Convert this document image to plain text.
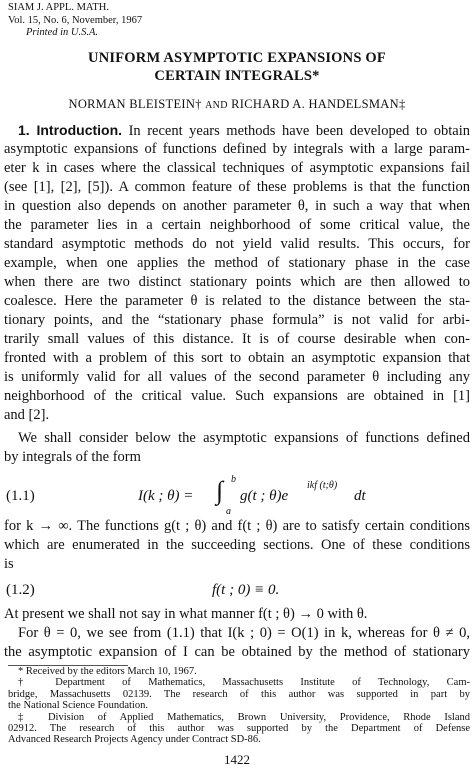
SIAM J. APPL. MATH.
Vol. 15, No. 6, November, 1967
Printed in U.S.A.
UNIFORM ASYMPTOTIC EXPANSIONS OF
CERTAIN INTEGRALS*
NORMAN BLEISTEIN† AND RICHARD A. HANDELSMAN‡
1. Introduction. In recent years methods have been developed to obtain
asymptotic expansions of functions defined by integrals with a large param-
eter k in cases where the classical techniques of asymptotic expansions fail
(see [1], [2], [5]). A common feature of these problems is that the function
in question also depends on another parameter θ, in such a way that when
the parameter lies in a certain neighborhood of some critical value, the
standard asymptotic methods do not yield valid results. This occurs, for
example, when one applies the method of stationary phase in the case
when there are two distinct stationary points which are then allowed to
coalesce. Here the parameter θ is related to the distance between the sta-
tionary points, and the “stationary phase formula” is not valid for arbi-
trarily small values of this distance. It is of course desirable when con-
fronted with a problem of this sort to obtain an asymptotic expansion that
is uniformly valid for all values of the second parameter θ including any
neighborhood of the critical value. Such expansions are obtained in [1]
and [2].
We shall consider below the asymptotic expansions of functions defined
by integrals of the form
(1.1)	I(k ; θ) = ∫ b
a
g(t ; θ)e
ikf (t;θ)
dt
for k → ∞. The functions g(t ; θ) and f(t ; θ) are to satisfy certain conditions
which are enumerated in the succeeding sections. One of these conditions
is
(1.2)	f(t ; 0) ≡ 0.
At present we shall not say in what manner f(t ; θ) → 0 with θ.
For θ = 0, we see from (1.1) that I(k ; 0) = O(1) in k, whereas for θ ≠ 0,
the asymptotic expansion of I can be obtained by the method of stationary
* Received by the editors March 10, 1967.
† Department of Mathematics, Massachusetts Institute of Technology, Cam-
bridge, Massachusetts 02139. The research of this author was supported in part by
the National Science Foundation.
‡ Division of Applied Mathematics, Brown University, Providence, Rhode Island
02912. The research of this author was supported by the Department of Defense
Advanced Research Projects Agency under Contract SD-86.
1422
